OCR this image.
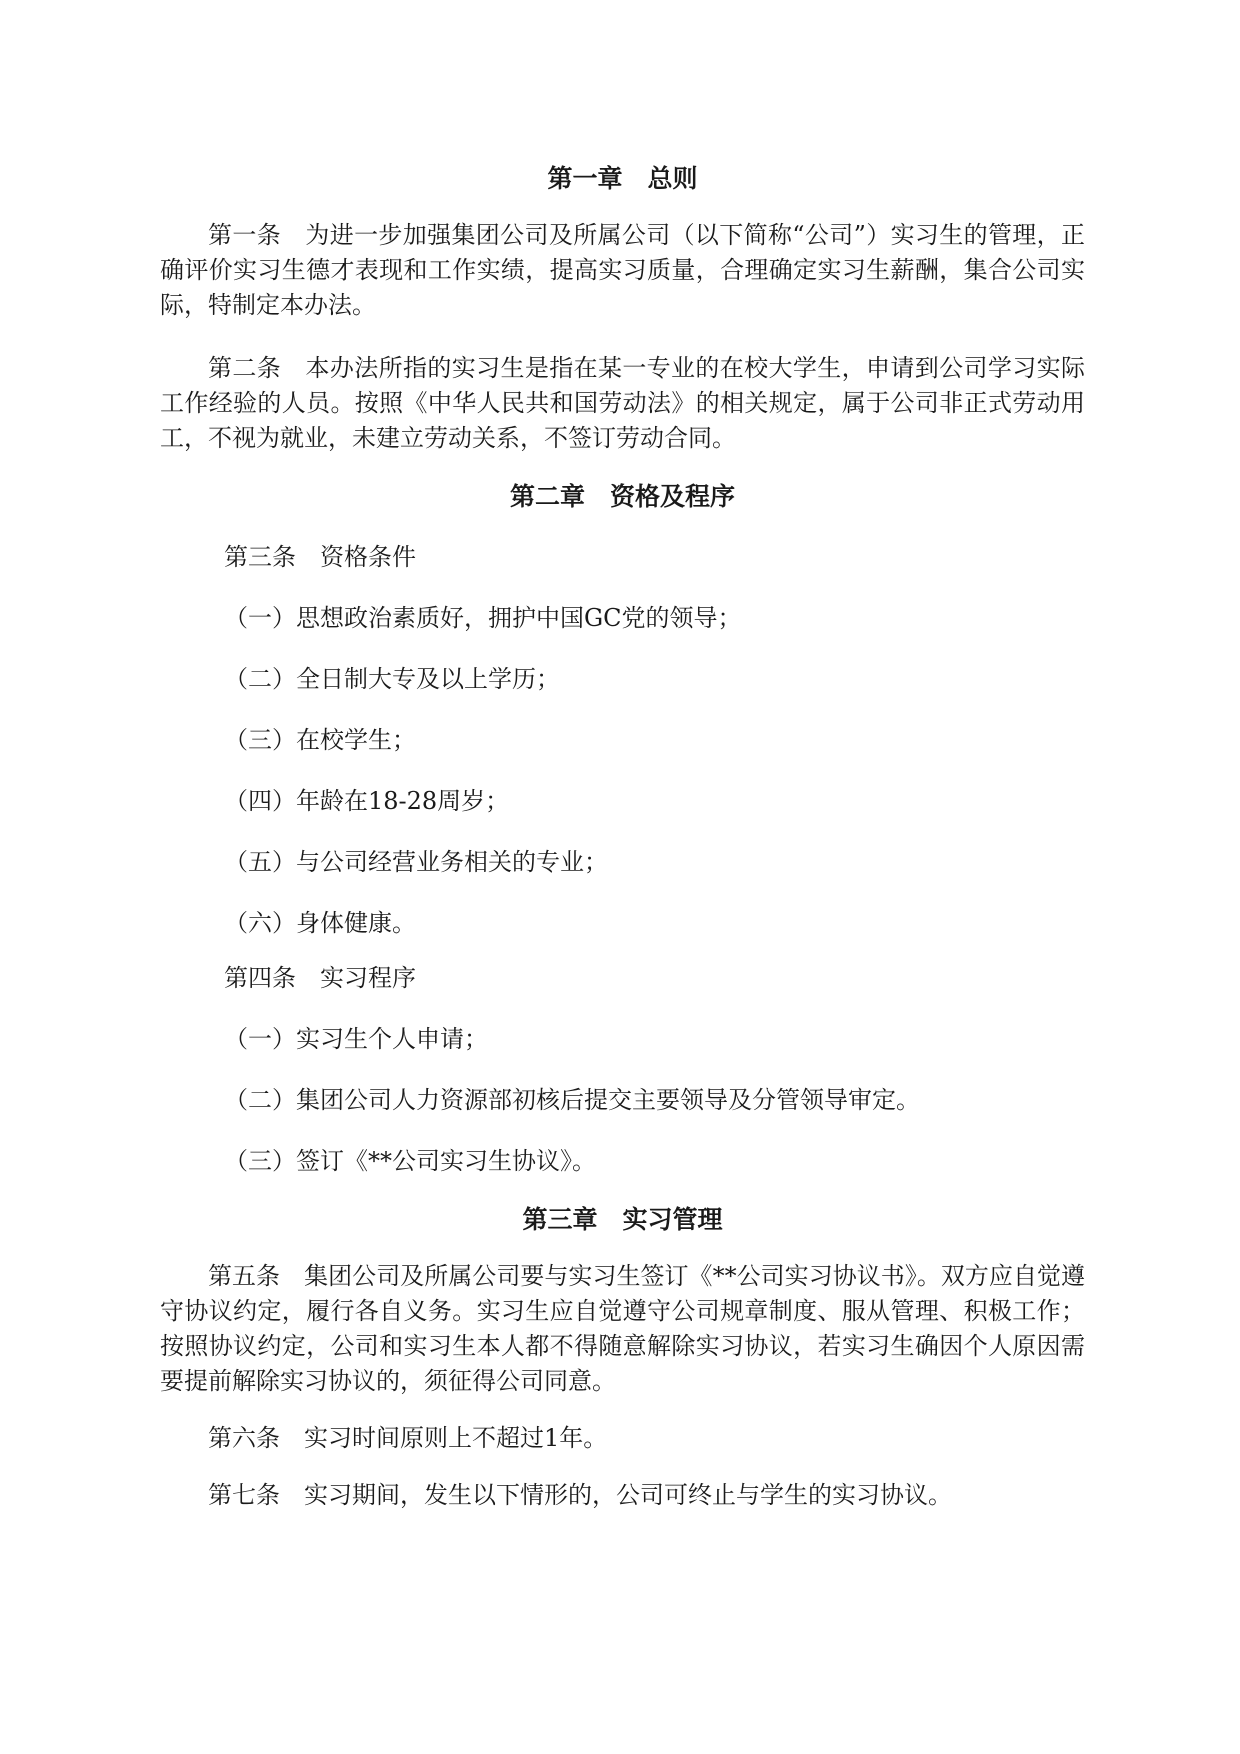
第一章　总则

第一条　为进一步加强集团公司及所属公司（以下简称“公司”）实习生的管理，正确评价实习生德才表现和工作实绩，提高实习质量，合理确定实习生薪酬，集合公司实际，特制定本办法。

第二条　本办法所指的实习生是指在某一专业的在校大学生，申请到公司学习实际工作经验的人员。按照《中华人民共和国劳动法》的相关规定，属于公司非正式劳动用工，不视为就业，未建立劳动关系，不签订劳动合同。

第二章　资格及程序

第三条　资格条件

（一）思想政治素质好，拥护中国GC党的领导；

（二）全日制大专及以上学历；

（三）在校学生；

（四）年龄在18-28周岁；

（五）与公司经营业务相关的专业；

（六）身体健康。

第四条　实习程序

（一）实习生个人申请；

（二）集团公司人力资源部初核后提交主要领导及分管领导审定。

（三）签订《**公司实习生协议》。

第三章　实习管理

第五条　集团公司及所属公司要与实习生签订《**公司实习协议书》。双方应自觉遵守协议约定，履行各自义务。实习生应自觉遵守公司规章制度、服从管理、积极工作；按照协议约定，公司和实习生本人都不得随意解除实习协议，若实习生确因个人原因需要提前解除实习协议的，须征得公司同意。

第六条　实习时间原则上不超过1年。

第七条　实习期间，发生以下情形的，公司可终止与学生的实习协议。
